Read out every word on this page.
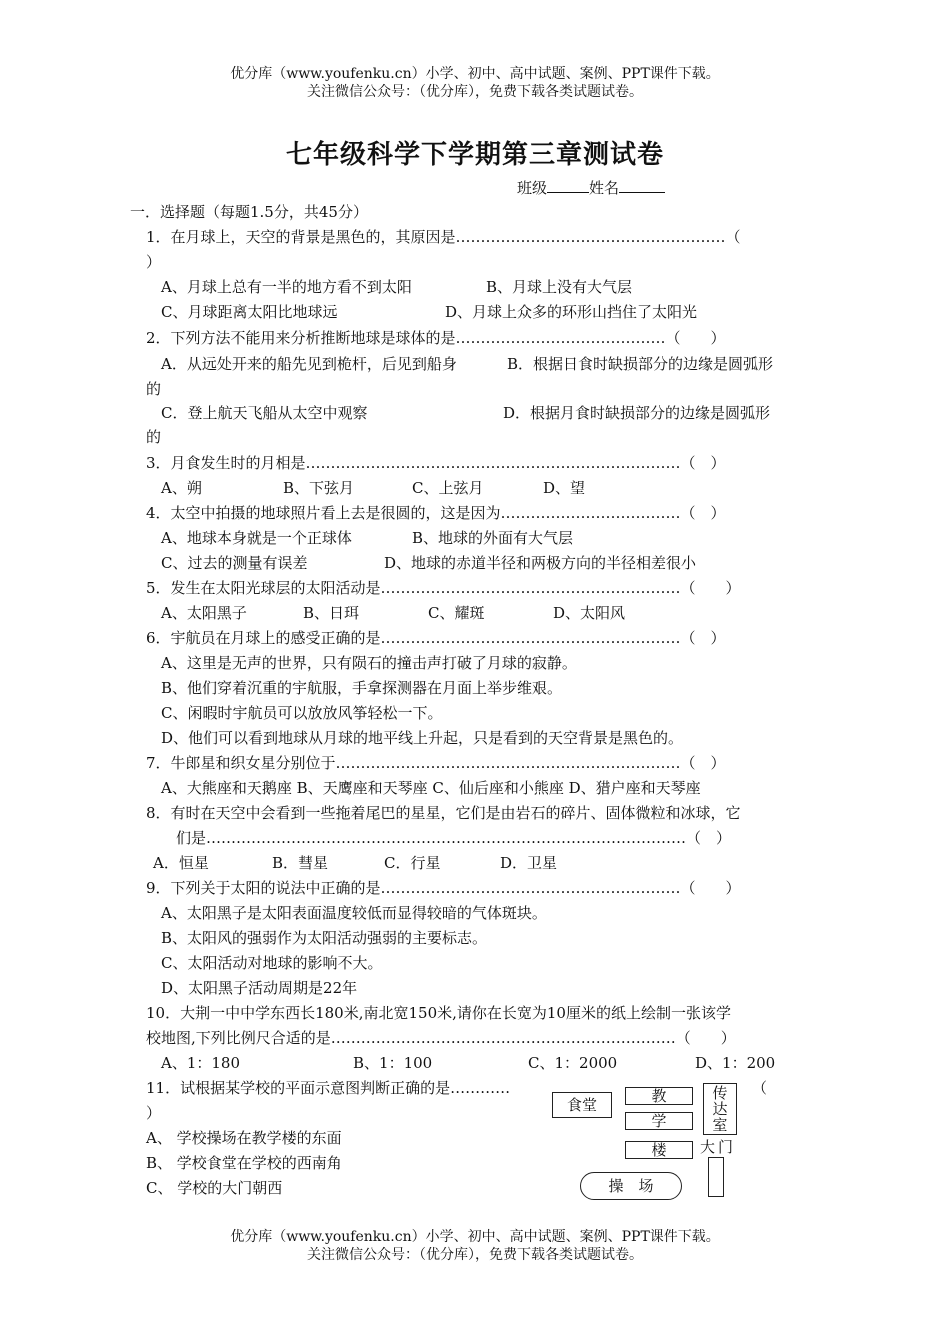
优分库（www.youfenku.cn）小学、初中、高中试题、案例、PPT课件下载。
关注微信公众号：（优分库），免费下载各类试题试卷。
七年级科学下学期第三章测试卷
班级	姓名
一．选择题（每题1.5分，共45分）
1．在月球上，天空的背景是黑色的，其原因是………………………………………………（
）
A、月球上总有一半的地方看不到太阳	B、月球上没有大气层
C、月球距离太阳比地球远	D、月球上众多的环形山挡住了太阳光
2．下列方法不能用来分析推断地球是球体的是……………………………………（　　）
A．从远处开来的船先见到桅杆，后见到船身	B．根据日食时缺损部分的边缘是圆弧形
的
C．登上航天飞船从太空中观察	D．根据月食时缺损部分的边缘是圆弧形
的
3．月食发生时的月相是…………………………………………………………………（　）
A、朔	B、下弦月	C、上弦月	D、望
4．太空中拍摄的地球照片看上去是很圆的，这是因为………………………………（　）
A、地球本身就是一个正球体	B、地球的外面有大气层
C、过去的测量有误差	D、地球的赤道半径和两极方向的半径相差很小
5．发生在太阳光球层的太阳活动是……………………………………………………（　　）
A、太阳黑子	B、日珥	C、耀斑	D、太阳风
6．宇航员在月球上的感受正确的是……………………………………………………（　）
A、这里是无声的世界，只有陨石的撞击声打破了月球的寂静。
B、他们穿着沉重的宇航服，手拿探测器在月面上举步维艰。
C、闲暇时宇航员可以放放风筝轻松一下。
D、他们可以看到地球从月球的地平线上升起，只是看到的天空背景是黑色的。
7．牛郎星和织女星分别位于……………………………………………………………（　）
A、大熊座和天鹅座 B、天鹰座和天琴座 C、仙后座和小熊座 D、猎户座和天琴座
8．有时在天空中会看到一些拖着尾巴的星星，它们是由岩石的碎片、固体微粒和冰球，它
们是……………………………………………………………………………………（　）
A．恒星	B．彗星	C．行星	D．卫星
9．下列关于太阳的说法中正确的是……………………………………………………（　　）
A、太阳黑子是太阳表面温度较低而显得较暗的气体斑块。
B、太阳风的强弱作为太阳活动强弱的主要标志。
C、太阳活动对地球的影响不大。
D、太阳黑子活动周期是22年
10．大荆一中中学东西长180米,南北宽150米,请你在长宽为10厘米的纸上绘制一张该学
校地图,下列比例尺合适的是……………………………………………………………（　　）
A、1：180	B、1：100	C、1：2000	D、1：200
11．试根据某学校的平面示意图判断正确的是…………	（
）
A、 学校操场在教学楼的东面
B、 学校食堂在学校的西南角
C、 学校的大门朝西
食堂	教
学
楼
传
达
室
大门
操　场
优分库（www.youfenku.cn）小学、初中、高中试题、案例、PPT课件下载。
关注微信公众号：（优分库），免费下载各类试题试卷。
